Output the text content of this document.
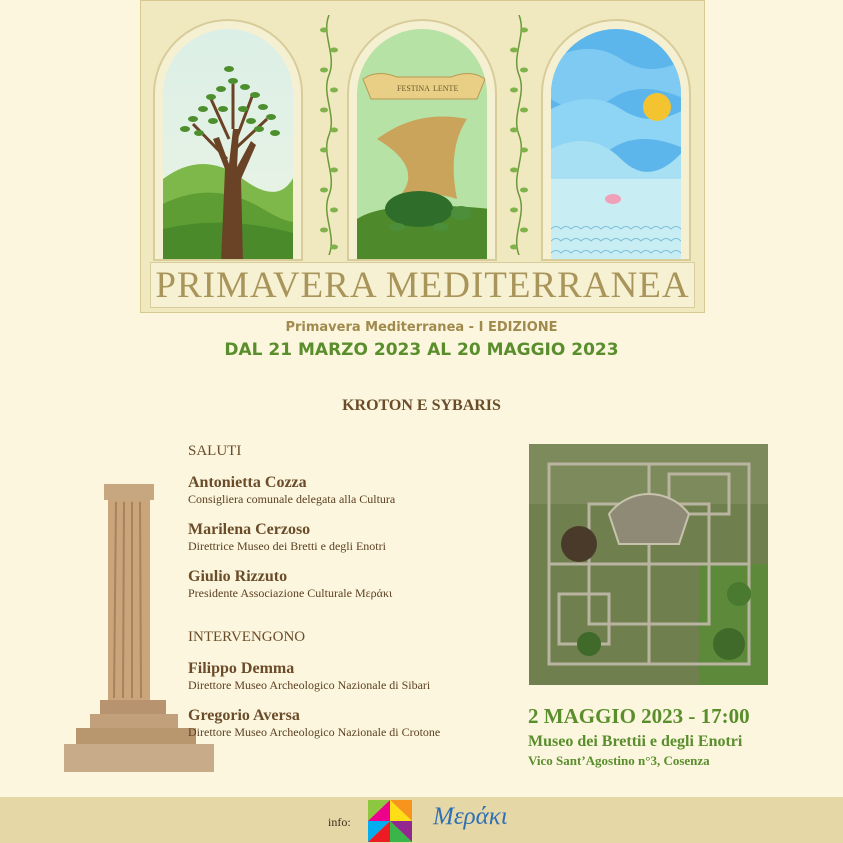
FESTINA LENTE
PRIMAVERA MEDITERRANEA
Primavera Mediterranea - I EDIZIONE
DAL 21 MARZO 2023 AL 20 MAGGIO 2023
KROTON E SYBARIS
SALUTI
Antonietta Cozza
Consigliera comunale delegata alla Cultura
Marilena Cerzoso
Direttrice Museo dei Bretti e degli Enotri
Giulio Rizzuto
Presidente Associazione Culturale Μεράκι
INTERVENGONO
Filippo Demma
Direttore Museo Archeologico Nazionale di Sibari
Gregorio Aversa
Direttore Museo Archeologico Nazionale di Crotone
2 MAGGIO 2023 - 17:00
Museo dei Brettii e degli Enotri
Vico Sant’Agostino n°3, Cosenza
info:	Μεράκι
